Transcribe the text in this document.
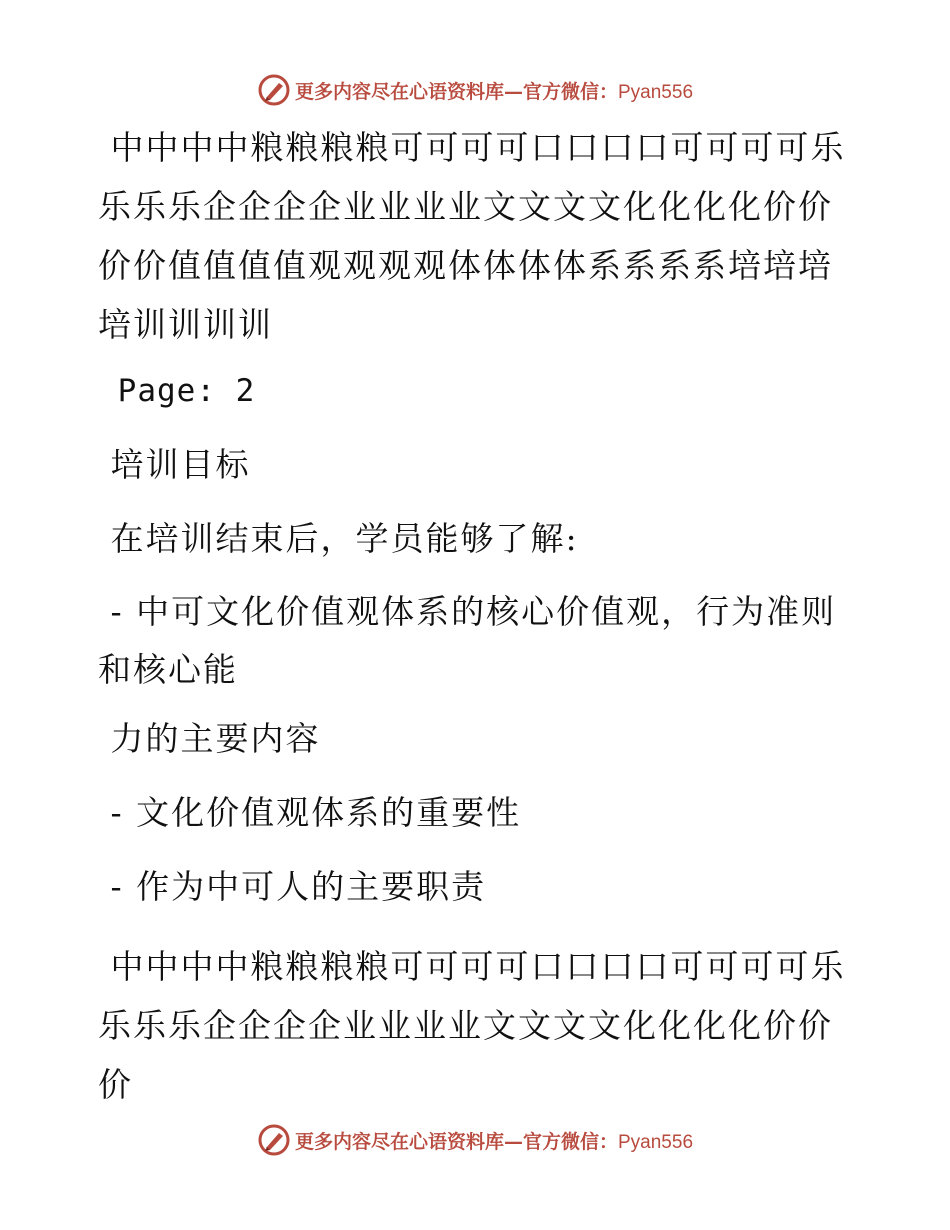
更多内容尽在心语资料库—官方微信：Pyan556

中中中中粮粮粮粮可可可可口口口口可可可可乐乐乐乐企企企企业业业业文文文文化化化化价价价价值值值值观观观观体体体体系系系系培培培培训训训训

Page: 2

培训目标

在培训结束后，学员能够了解:

- 中可文化价值观体系的核心价值观，行为准则和核心能

力的主要内容

- 文化价值观体系的重要性

- 作为中可人的主要职责

中中中中粮粮粮粮可可可可口口口口可可可可乐乐乐乐企企企企业业业业文文文文化化化化价价价

更多内容尽在心语资料库—官方微信：Pyan556
